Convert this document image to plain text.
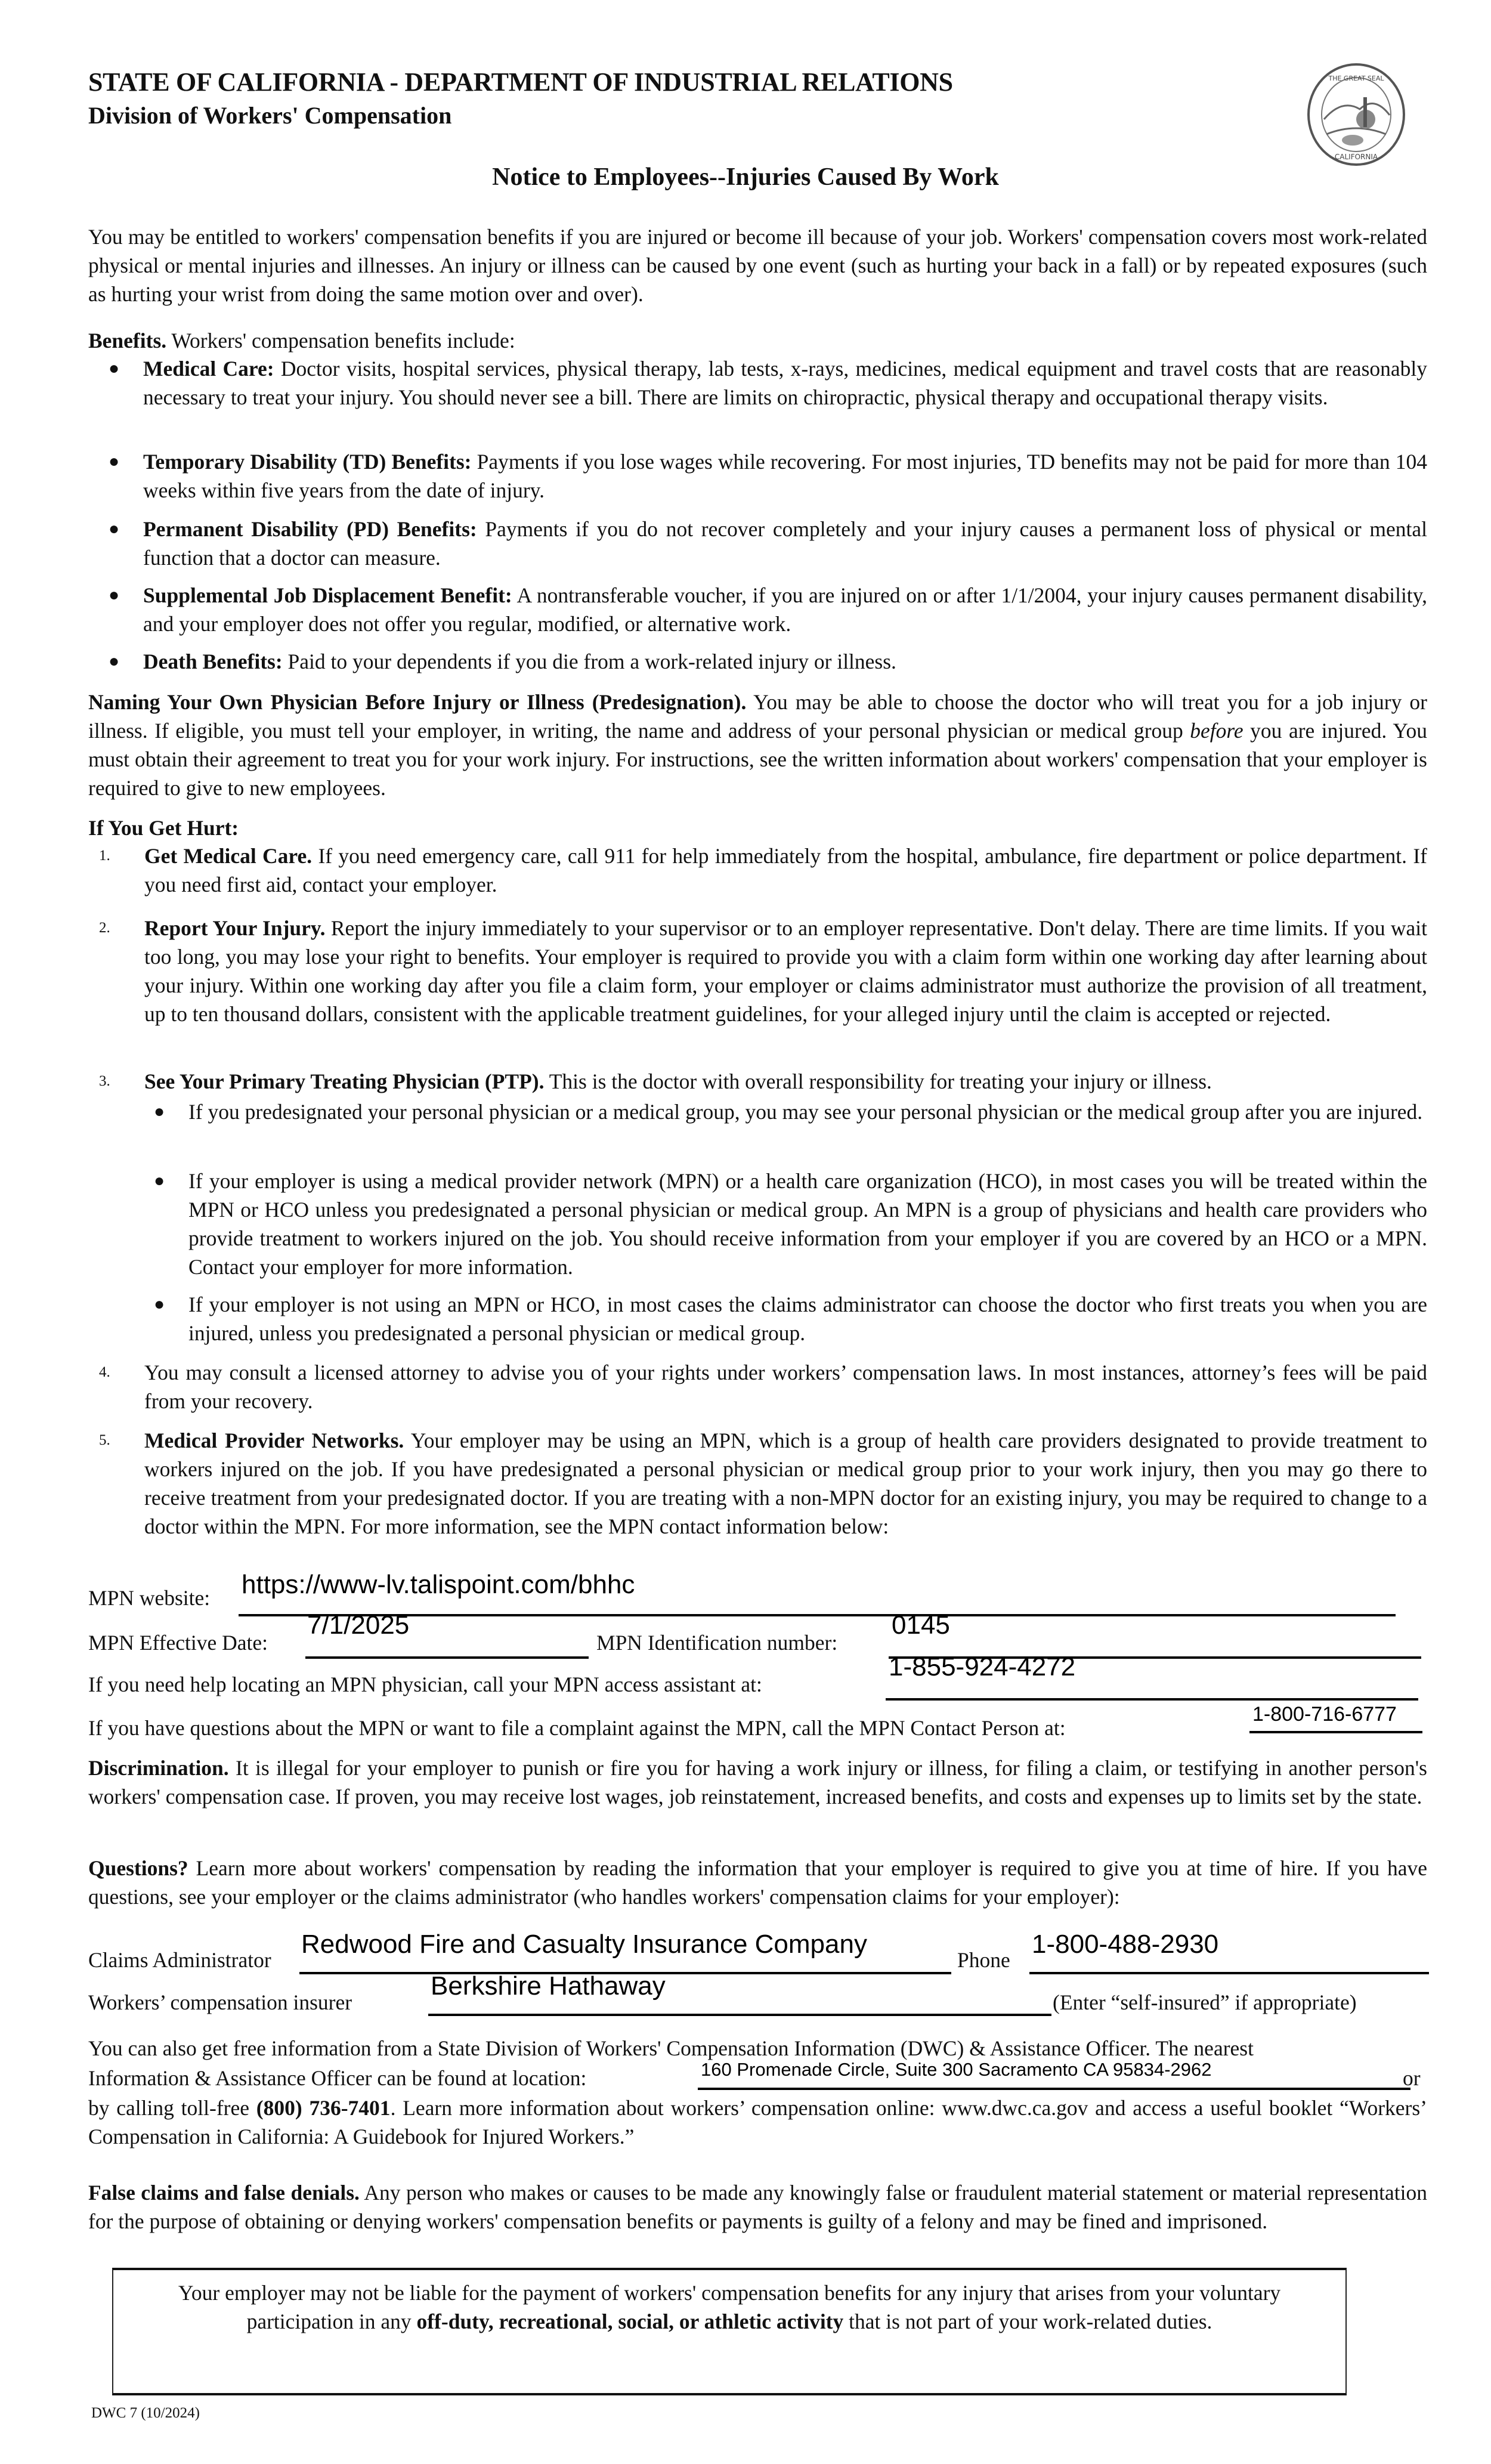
STATE OF CALIFORNIA - DEPARTMENT OF INDUSTRIAL RELATIONS
Division of Workers' Compensation
THE GREAT SEAL
CALIFORNIA
Notice to Employees--Injuries Caused By Work

You may be entitled to workers' compensation benefits if you are injured or become ill because of your job. Workers' compensation covers most work-related physical or mental injuries and illnesses. An injury or illness can be caused by one event (such as hurting your back in a fall) or by repeated exposures (such as hurting your wrist from doing the same motion over and over).

Benefits. Workers' compensation benefits include:

● Medical Care: Doctor visits, hospital services, physical therapy, lab tests, x-rays, medicines, medical equipment and travel costs that are reasonably necessary to treat your injury. You should never see a bill. There are limits on chiropractic, physical therapy and occupational therapy visits.

● Temporary Disability (TD) Benefits: Payments if you lose wages while recovering. For most injuries, TD benefits may not be paid for more than 104 weeks within five years from the date of injury.

● Permanent Disability (PD) Benefits: Payments if you do not recover completely and your injury causes a permanent loss of physical or mental function that a doctor can measure.

● Supplemental Job Displacement Benefit: A nontransferable voucher, if you are injured on or after 1/1/2004, your injury causes permanent disability, and your employer does not offer you regular, modified, or alternative work.

● Death Benefits: Paid to your dependents if you die from a work-related injury or illness.

Naming Your Own Physician Before Injury or Illness (Predesignation). You may be able to choose the doctor who will treat you for a job injury or illness. If eligible, you must tell your employer, in writing, the name and address of your personal physician or medical group before you are injured. You must obtain their agreement to treat you for your work injury. For instructions, see the written information about workers' compensation that your employer is required to give to new employees.

If You Get Hurt:

1. Get Medical Care. If you need emergency care, call 911 for help immediately from the hospital, ambulance, fire department or police department. If you need first aid, contact your employer.

2. Report Your Injury. Report the injury immediately to your supervisor or to an employer representative. Don't delay. There are time limits. If you wait too long, you may lose your right to benefits. Your employer is required to provide you with a claim form within one working day after learning about your injury. Within one working day after you file a claim form, your employer or claims administrator must authorize the provision of all treatment, up to ten thousand dollars, consistent with the applicable treatment guidelines, for your alleged injury until the claim is accepted or rejected.

3. See Your Primary Treating Physician (PTP). This is the doctor with overall responsibility for treating your injury or illness.

● If you predesignated your personal physician or a medical group, you may see your personal physician or the medical group after you are injured.

● If your employer is using a medical provider network (MPN) or a health care organization (HCO), in most cases you will be treated within the MPN or HCO unless you predesignated a personal physician or medical group. An MPN is a group of physicians and health care providers who provide treatment to workers injured on the job. You should receive information from your employer if you are covered by an HCO or a MPN. Contact your employer for more information.

● If your employer is not using an MPN or HCO, in most cases the claims administrator can choose the doctor who first treats you when you are injured, unless you predesignated a personal physician or medical group.

4. You may consult a licensed attorney to advise you of your rights under workers’ compensation laws. In most instances, attorney’s fees will be paid from your recovery.

5. Medical Provider Networks. Your employer may be using an MPN, which is a group of health care providers designated to provide treatment to workers injured on the job. If you have predesignated a personal physician or medical group prior to your work injury, then you may go there to receive treatment from your predesignated doctor. If you are treating with a non-MPN doctor for an existing injury, you may be required to change to a doctor within the MPN. For more information, see the MPN contact information below:

MPN website: https://www-lv.talispoint.com/bhhc
MPN Effective Date:
7/1/2025
MPN Identification number:
0145
If you need help locating an MPN physician, call your MPN access assistant at:
1-855-924-4272
If you have questions about the MPN or want to file a complaint against the MPN, call the MPN Contact Person at:
1-800-716-6777

Discrimination. It is illegal for your employer to punish or fire you for having a work injury or illness, for filing a claim, or testifying in another person's workers' compensation case. If proven, you may receive lost wages, job reinstatement, increased benefits, and costs and expenses up to limits set by the state.

Questions? Learn more about workers' compensation by reading the information that your employer is required to give you at time of hire. If you have questions, see your employer or the claims administrator (who handles workers' compensation claims for your employer):

Claims Administrator
Redwood Fire and Casualty Insurance Company
Phone
1-800-488-2930
Workers’ compensation insurer
Berkshire Hathaway
(Enter “self-insured” if appropriate)

You can also get free information from a State Division of Workers' Compensation Information (DWC) & Assistance Officer. The nearest

Information & Assistance Officer can be found at location:	160 Promenade Circle, Suite 300 Sacramento CA 95834-2962	or

by calling toll-free (800) 736-7401. Learn more information about workers’ compensation online: www.dwc.ca.gov and access a useful booklet “Workers’ Compensation in California: A Guidebook for Injured Workers.”

False claims and false denials. Any person who makes or causes to be made any knowingly false or fraudulent material statement or material representation for the purpose of obtaining or denying workers' compensation benefits or payments is guilty of a felony and may be fined and imprisoned.

Your employer may not be liable for the payment of workers' compensation benefits for any injury that arises from your voluntary participation in any off-duty, recreational, social, or athletic activity that is not part of your work-related duties.

DWC 7 (10/2024)
